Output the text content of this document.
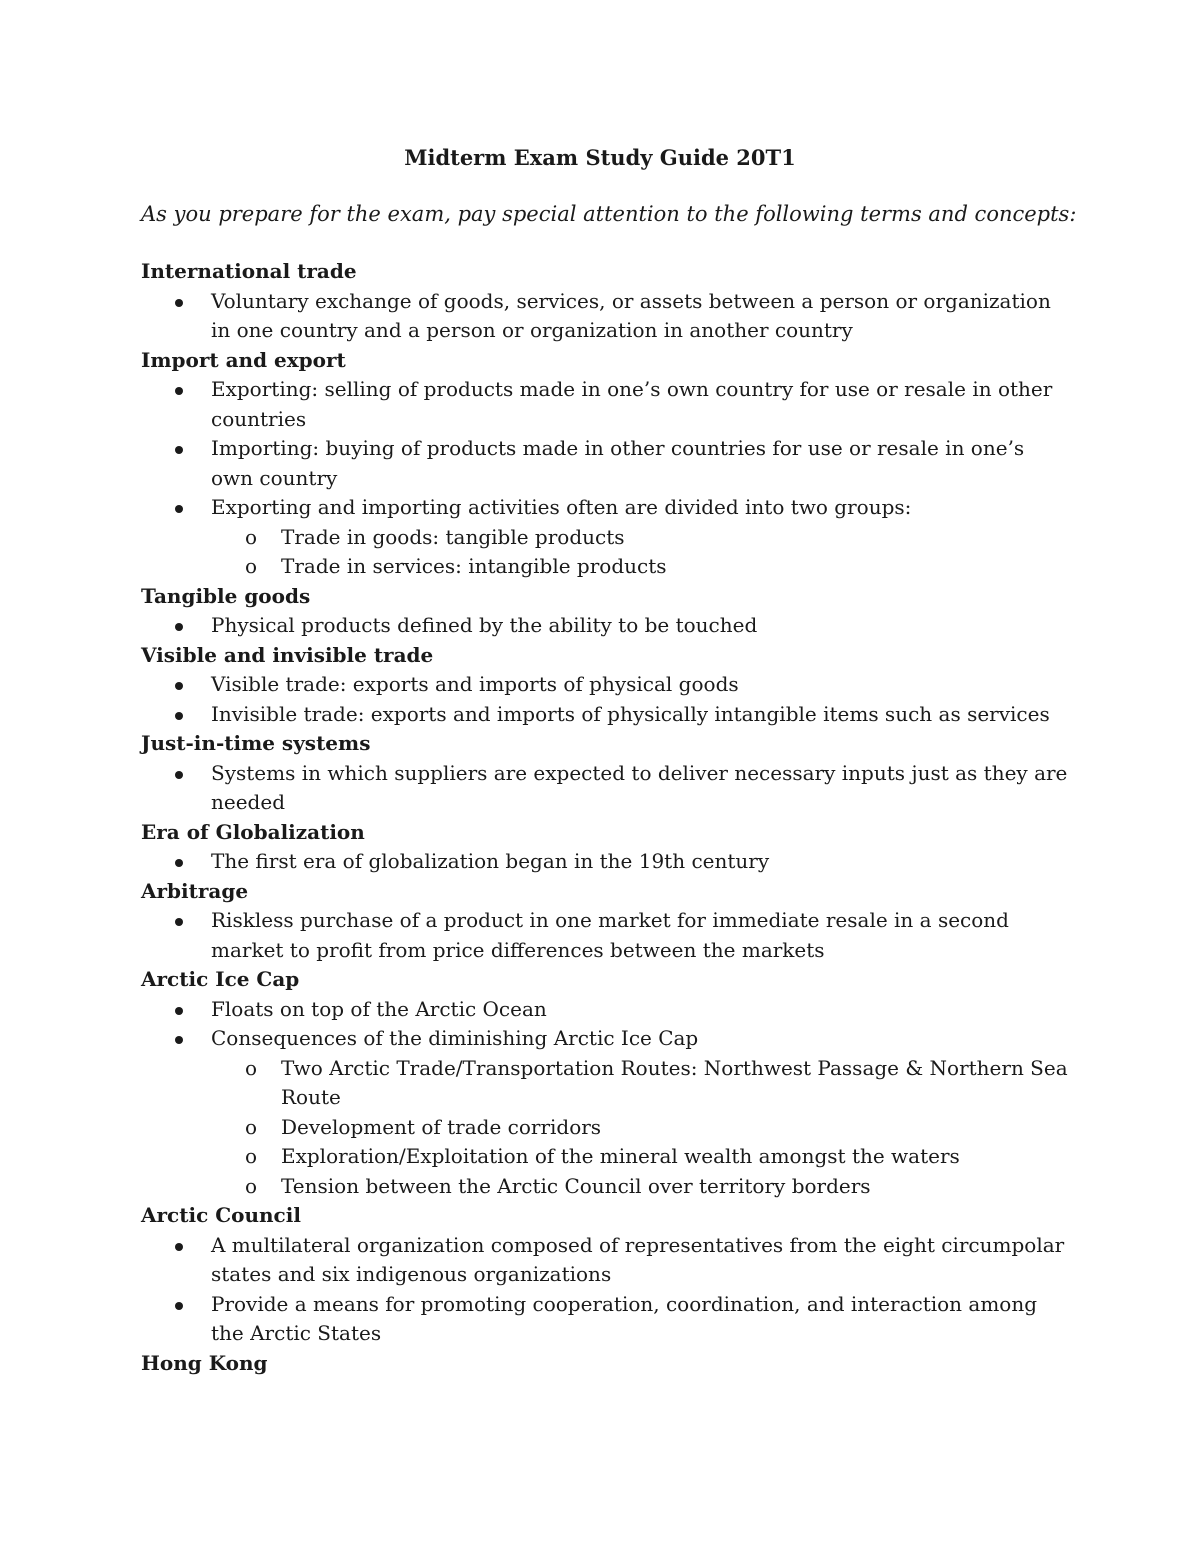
Midterm Exam Study Guide 20T1
As you prepare for the exam, pay special attention to the following terms and concepts:
International trade
Voluntary exchange of goods, services, or assets between a person or organization in one country and a person or organization in another country
Import and export
Exporting: selling of products made in one’s own country for use or resale in other countries
Importing: buying of products made in other countries for use or resale in one’s own country
Exporting and importing activities often are divided into two groups:
o Trade in goods: tangible products
o Trade in services: intangible products
Tangible goods
Physical products defined by the ability to be touched
Visible and invisible trade
Visible trade: exports and imports of physical goods
Invisible trade: exports and imports of physically intangible items such as services
Just-in-time systems
Systems in which suppliers are expected to deliver necessary inputs just as they are needed
Era of Globalization
The first era of globalization began in the 19th century
Arbitrage
Riskless purchase of a product in one market for immediate resale in a second market to profit from price differences between the markets
Arctic Ice Cap
Floats on top of the Arctic Ocean
Consequences of the diminishing Arctic Ice Cap
o Two Arctic Trade/Transportation Routes: Northwest Passage & Northern Sea Route
o Development of trade corridors
o Exploration/Exploitation of the mineral wealth amongst the waters
o Tension between the Arctic Council over territory borders
Arctic Council
A multilateral organization composed of representatives from the eight circumpolar states and six indigenous organizations
Provide a means for promoting cooperation, coordination, and interaction among the Arctic States
Hong Kong
